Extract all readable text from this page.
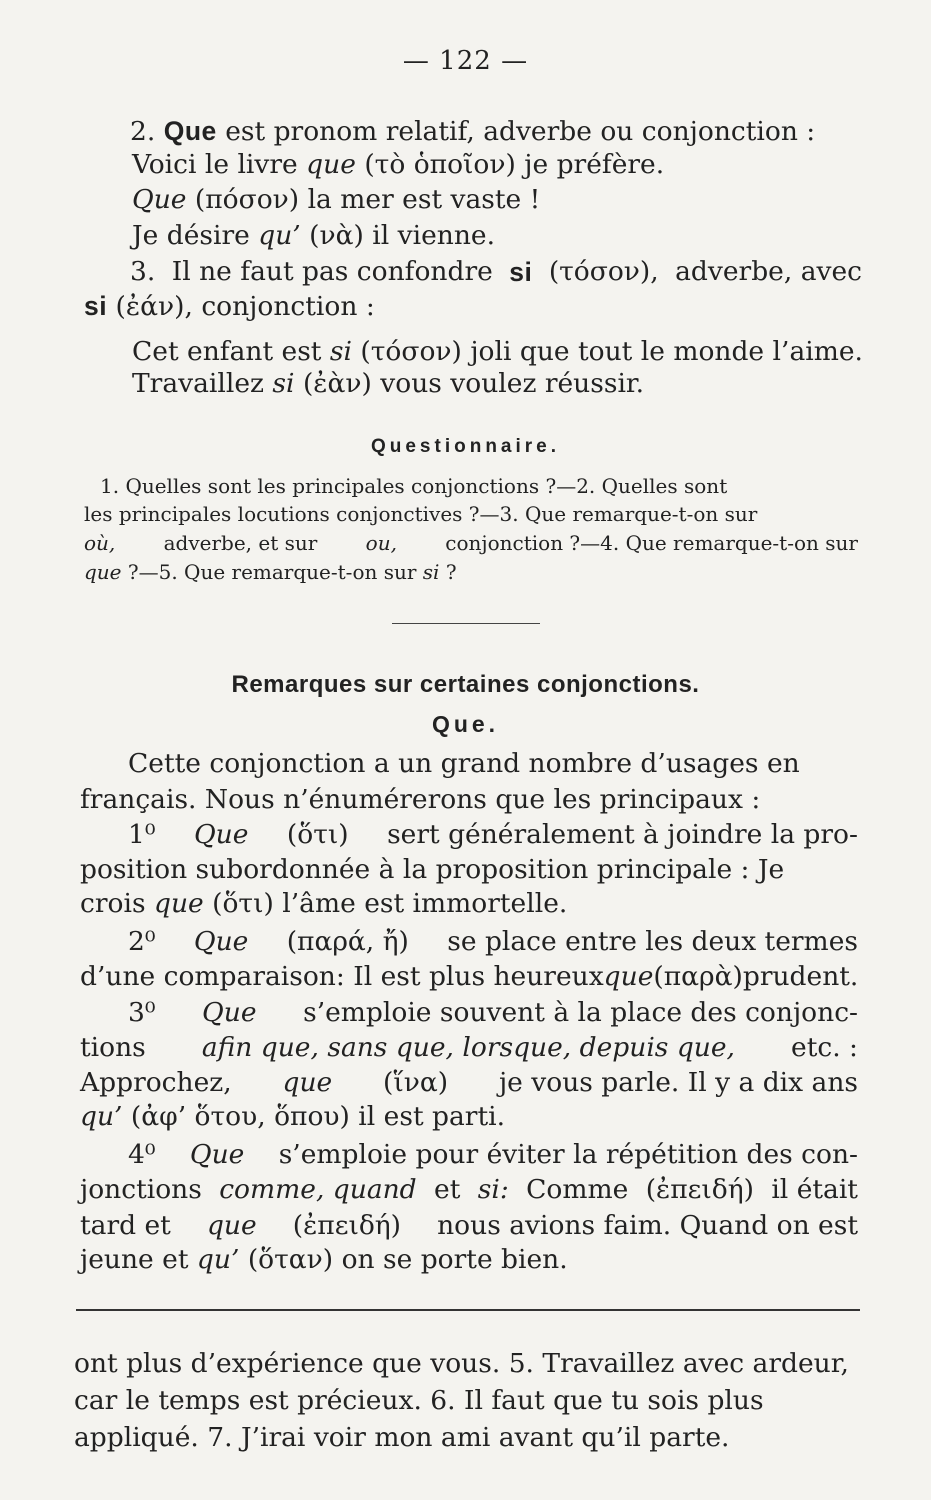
— 122 —
2. Que est pronom relatif, adverbe ou conjonction :
Voici le livre que (τὸ ὁποῖον) je préfère.
Que (πόσον) la mer est vaste !
Je désire qu’ (νὰ) il vienne.
3. Il ne faut pas confondre si (τόσον), adverbe, avec
si (ἐάν), conjonction :
Cet enfant est si (τόσον) joli que tout le monde l’aime.
Travaillez si (ἐὰν) vous voulez réussir.
Questionnaire.
1. Quelles sont les principales conjonctions ?—2. Quelles sont
les principales locutions conjonctives ?—3. Que remarque-t-on sur
où, adverbe, et sur ou, conjonction ?—4. Que remarque-t-on sur
que ?—5. Que remarque-t-on sur si ?
Remarques sur certaines conjonctions.
Que.
Cette conjonction a un grand nombre d’usages en
français. Nous n’énumérerons que les principaux :
1⁰ Que (ὅτι) sert généralement à joindre la pro-
position subordonnée à la proposition principale : Je
crois que (ὅτι) l’âme est immortelle.
2⁰ Que (παρά, ἤ) se place entre les deux termes
d’une comparaison: Il est plus heureux que (παρὰ) prudent.
3⁰ Que s’emploie souvent à la place des conjonc-
tions afin que, sans que, lorsque, depuis que, etc. :
Approchez, que (ἵνα) je vous parle. Il y a dix ans
qu’ (ἀφ’ ὅτου, ὅπου) il est parti.
4⁰ Que s’emploie pour éviter la répétition des con-
jonctions comme, quand et si: Comme (ἐπειδή) il était
tard et que (ἐπειδή) nous avions faim. Quand on est
jeune et qu’ (ὅταν) on se porte bien.
ont plus d’expérience que vous. 5. Travaillez avec ardeur,
car le temps est précieux. 6. Il faut que tu sois plus
appliqué. 7. J’irai voir mon ami avant qu’il parte.
